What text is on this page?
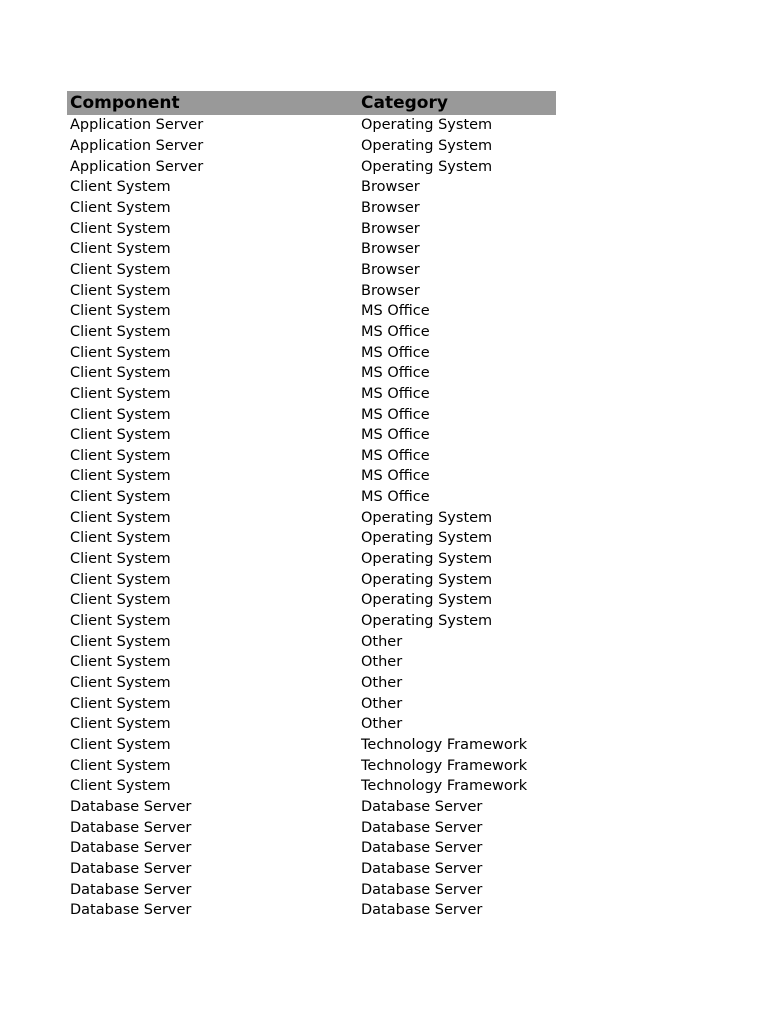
Component	Category
Application Server	Operating System
Application Server	Operating System
Application Server	Operating System
Client System	Browser
Client System	Browser
Client System	Browser
Client System	Browser
Client System	Browser
Client System	Browser
Client System	MS Office
Client System	MS Office
Client System	MS Office
Client System	MS Office
Client System	MS Office
Client System	MS Office
Client System	MS Office
Client System	MS Office
Client System	MS Office
Client System	MS Office
Client System	Operating System
Client System	Operating System
Client System	Operating System
Client System	Operating System
Client System	Operating System
Client System	Operating System
Client System	Other
Client System	Other
Client System	Other
Client System	Other
Client System	Other
Client System	Technology Framework
Client System	Technology Framework
Client System	Technology Framework
Database Server	Database Server
Database Server	Database Server
Database Server	Database Server
Database Server	Database Server
Database Server	Database Server
Database Server	Database Server
